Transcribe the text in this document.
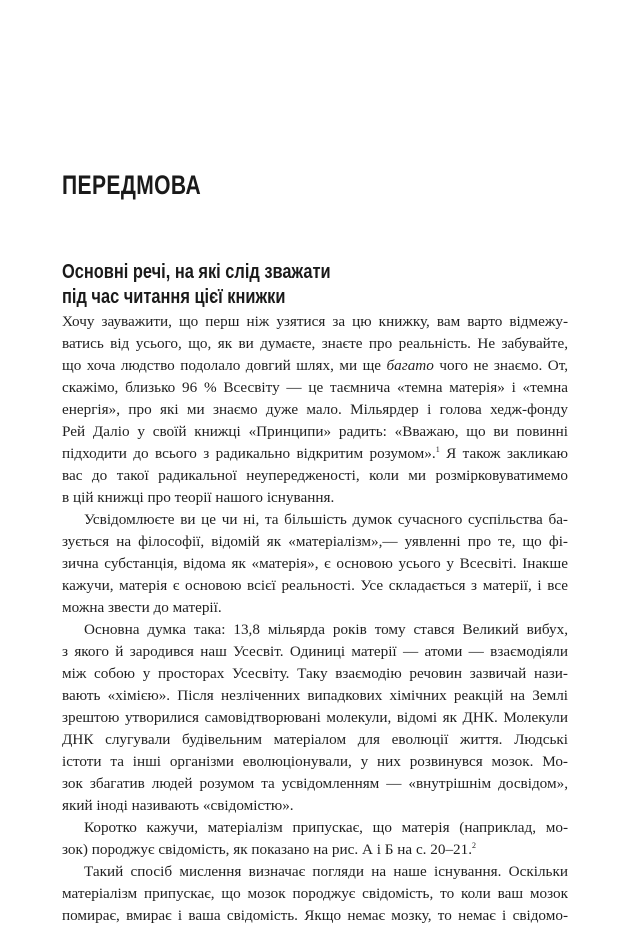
ПЕРЕДМОВА
Основні речі, на які слід зважати
під час читання цієї книжки
Хочу зауважити, що перш ніж узятися за цю книжку, вам варто відмежу-
ватись від усього, що, як ви думаєте, знаєте про реальність. Не забувайте,
що хоча людство подолало довгий шлях, ми ще багато чого не знаємо. От,
скажімо, близько 96 % Всесвіту — це таємнича «темна матерія» і «темна
енергія», про які ми знаємо дуже мало. Мільярдер і голова хедж-фонду
Рей Даліо у своїй книжці «Принципи» радить: «Вважаю, що ви повинні
підходити до всього з радикально відкритим розумом».$^1$ Я також закликаю
вас до такої радикальної неупередженості, коли ми розмірковуватимемо
в цій книжці про теорії нашого існування.
Усвідомлюєте ви це чи ні, та більшість думок сучасного суспільства ба-
зується на філософії, відомій як «матеріалізм»,— уявленні про те, що фі-
зична субстанція, відома як «матерія», є основою усього у Всесвіті. Інакше
кажучи, матерія є основою всієї реальності. Усе складається з матерії, і все
можна звести до матерії.
Основна думка така: 13,8 мільярда років тому стався Великий вибух,
з якого й зародився наш Усесвіт. Одиниці матерії — атоми — взаємодіяли
між собою у просторах Усесвіту. Таку взаємодію речовин зазвичай нази-
вають «хімією». Після незліченних випадкових хімічних реакцій на Землі
зрештою утворилися самовідтворювані молекули, відомі як ДНК. Молекули
ДНК слугували будівельним матеріалом для еволюції життя. Людські
істоти та інші організми еволюціонували, у них розвинувся мозок. Мо-
зок збагатив людей розумом та усвідомленням — «внутрішнім досвідом»,
який іноді називають «свідомістю».
Коротко кажучи, матеріалізм припускає, що матерія (наприклад, мо-
зок) породжує свідомість, як показано на рис. А і Б на с. 20–21.$^2$
Такий спосіб мислення визначає погляди на наше існування. Оскільки
матеріалізм припускає, що мозок породжує свідомість, то коли ваш мозок
помирає, вмирає і ваша свідомість. Якщо немає мозку, то немає і свідомо-
